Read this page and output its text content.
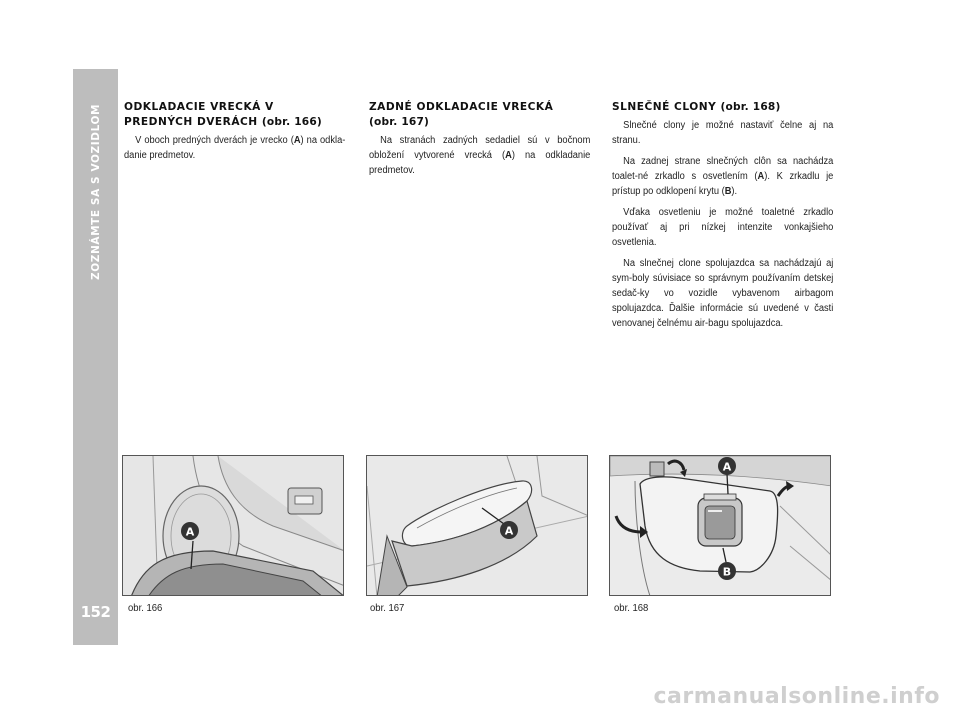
ZOZNÁMTE SA S VOZIDLOM
152
ODKLADACIE VRECKÁ V PREDNÝCH DVERÁCH (obr. 166)

V oboch predných dverách je vrecko (A) na odkla-danie predmetov.

ZADNÉ ODKLADACIE VRECKÁ
(obr. 167)

Na stranách zadných sedadiel sú v bočnom obložení vytvorené vrecká (A) na odkladanie predmetov.

SLNEČNÉ CLONY (obr. 168)

Slnečné clony je možné nastaviť čelne aj na stranu.

Na zadnej strane slnečných clôn sa nachádza toalet-né zrkadlo s osvetlením (A). K zrkadlu je prístup po odklopení krytu (B).

Vďaka osvetleniu je možné toaletné zrkadlo používať aj pri nízkej intenzite vonkajšieho osvetlenia.

Na slnečnej clone spolujazdca sa nachádzajú aj sym-boly súvisiace so správnym používaním detskej sedač-ky vo vozidle vybavenom airbagom spolujazdca. Ďalšie informácie sú uvedené v časti venovanej čelnému air-bagu spolujazdca.

A
obr. 166
A
obr. 167
A
B
obr. 168
carmanualsonline.info
